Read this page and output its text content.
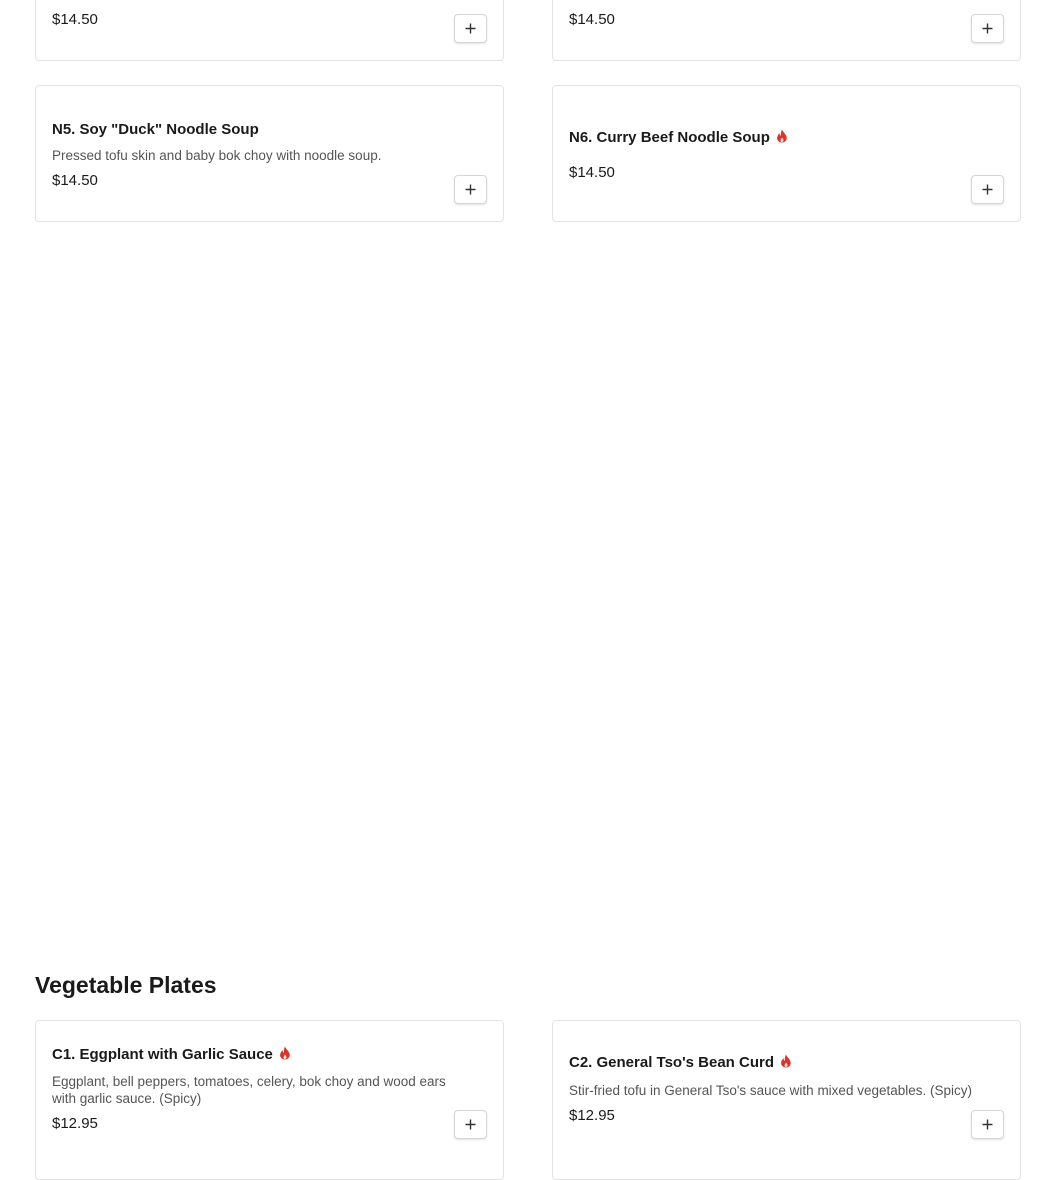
$14.50	$14.50
N5. Soy "Duck" Noodle Soup
Pressed tofu skin and baby bok choy with noodle soup.
$14.50
N6. Curry Beef Noodle Soup
$14.50
Vegetable Plates
C1. Eggplant with Garlic Sauce
Eggplant, bell peppers, tomatoes, celery, bok choy and wood ears with garlic sauce. (Spicy)
$12.95
C2. General Tso's Bean Curd
Stir-fried tofu in General Tso's sauce with mixed vegetables. (Spicy)
$12.95
